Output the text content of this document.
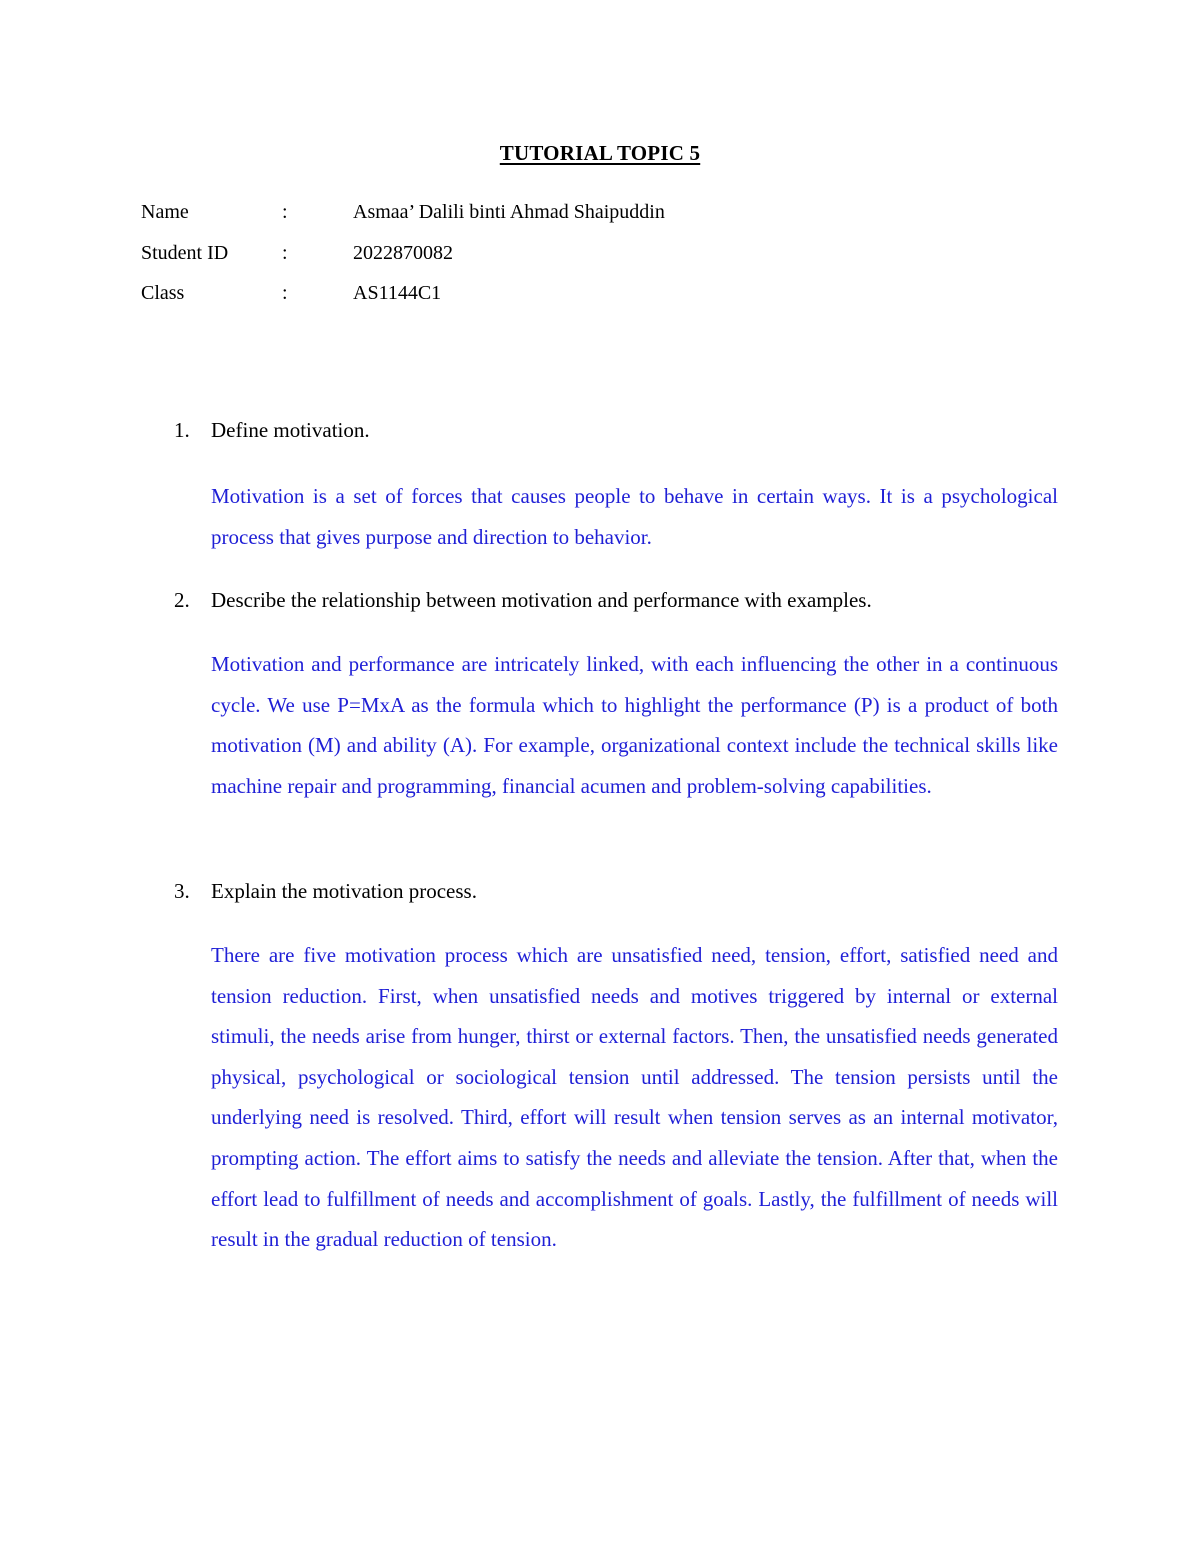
TUTORIAL TOPIC 5
Name	:	Asmaa’ Dalili binti Ahmad Shaipuddin
Student ID	:	2022870082
Class	:	AS1144C1
1.	Define motivation.
Motivation is a set of forces that causes people to behave in certain ways. It is a psychological process that gives purpose and direction to behavior.
2.	Describe the relationship between motivation and performance with examples.
Motivation and performance are intricately linked, with each influencing the other in a continuous cycle. We use P=MxA as the formula which to highlight the performance (P) is a product of both motivation (M) and ability (A). For example, organizational context include the technical skills like machine repair and programming, financial acumen and problem-solving capabilities.
3.	Explain the motivation process.
There are five motivation process which are unsatisfied need, tension, effort, satisfied need and tension reduction. First, when unsatisfied needs and motives triggered by internal or external stimuli, the needs arise from hunger, thirst or external factors. Then, the unsatisfied needs generated physical, psychological or sociological tension until addressed. The tension persists until the underlying need is resolved. Third, effort will result when tension serves as an internal motivator, prompting action. The effort aims to satisfy the needs and alleviate the tension. After that, when the effort lead to fulfillment of needs and accomplishment of goals. Lastly, the fulfillment of needs will result in the gradual reduction of tension.
